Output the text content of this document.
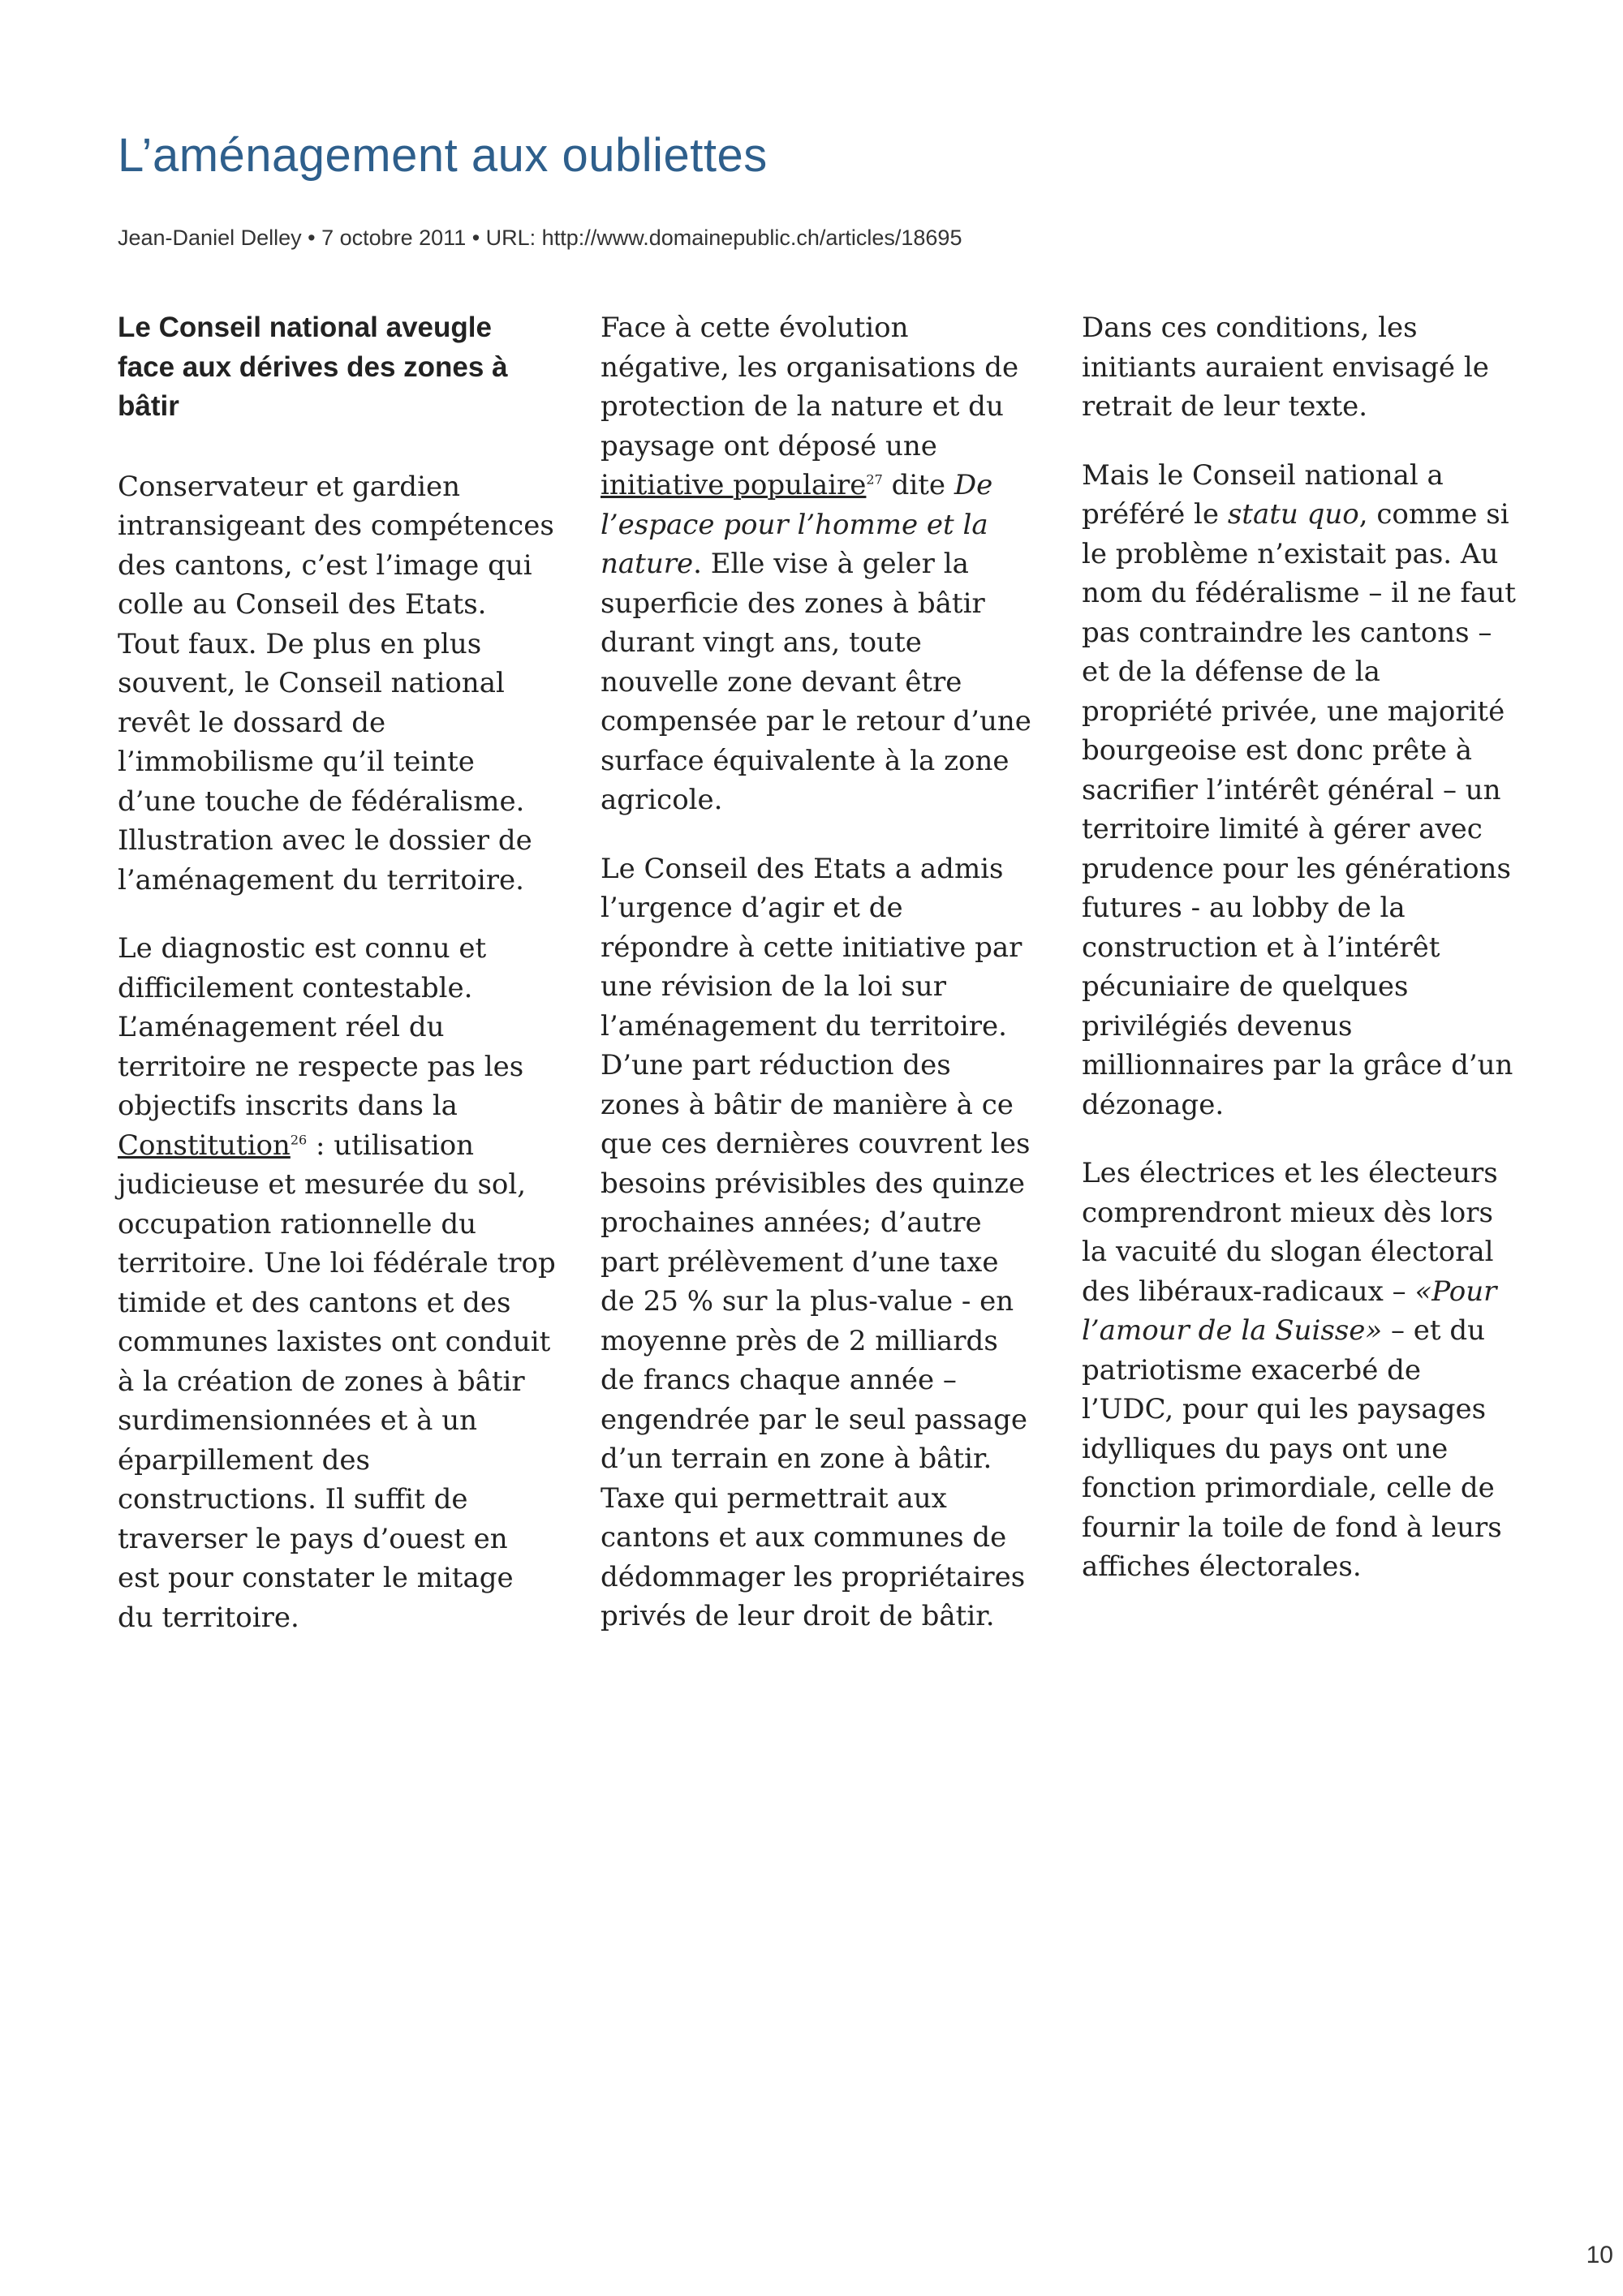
L’aménagement aux oubliettes
Jean-Daniel Delley • 7 octobre 2011 • URL: http://www.domainepublic.ch/articles/18695
Le Conseil national aveugle face aux dérives des zones à bâtir

Conservateur et gardien intransigeant des compétences des cantons, c’est l’image qui colle au Conseil des Etats. Tout faux. De plus en plus souvent, le Conseil national revêt le dossard de l’immobilisme qu’il teinte d’une touche de fédéralisme. Illustration avec le dossier de l’aménagement du territoire.

Le diagnostic est connu et difficilement contestable. L’aménagement réel du territoire ne respecte pas les objectifs inscrits dans la Constitution$^{26}$ : utilisation judicieuse et mesurée du sol, occupation rationnelle du territoire. Une loi fédérale trop timide et des cantons et des communes laxistes ont conduit à la création de zones à bâtir surdimensionnées et à un éparpillement des constructions. Il suffit de traverser le pays d’ouest en est pour constater le mitage du territoire.

Face à cette évolution négative, les organisations de protection de la nature et du paysage ont déposé une initiative populaire$^{27}$ dite De l’espace pour l’homme et la nature. Elle vise à geler la superficie des zones à bâtir durant vingt ans, toute nouvelle zone devant être compensée par le retour d’une surface équivalente à la zone agricole.

Le Conseil des Etats a admis l’urgence d’agir et de répondre à cette initiative par une révision de la loi sur l’aménagement du territoire. D’une part réduction des zones à bâtir de manière à ce que ces dernières couvrent les besoins prévisibles des quinze prochaines années; d’autre part prélèvement d’une taxe de 25 % sur la plus-value - en moyenne près de 2 milliards de francs chaque année – engendrée par le seul passage d’un terrain en zone à bâtir. Taxe qui permettrait aux cantons et aux communes de dédommager les propriétaires privés de leur droit de bâtir.

Dans ces conditions, les initiants auraient envisagé le retrait de leur texte.

Mais le Conseil national a préféré le statu quo, comme si le problème n’existait pas. Au nom du fédéralisme – il ne faut pas contraindre les cantons – et de la défense de la propriété privée, une majorité bourgeoise est donc prête à sacrifier l’intérêt général – un territoire limité à gérer avec prudence pour les générations futures - au lobby de la construction et à l’intérêt pécuniaire de quelques privilégiés devenus millionnaires par la grâce d’un dézonage.

Les électrices et les électeurs comprendront mieux dès lors la vacuité du slogan électoral des libéraux-radicaux – «Pour l’amour de la Suisse» – et du patriotisme exacerbé de l’UDC, pour qui les paysages idylliques du pays ont une fonction primordiale, celle de fournir la toile de fond à leurs affiches électorales.

10
